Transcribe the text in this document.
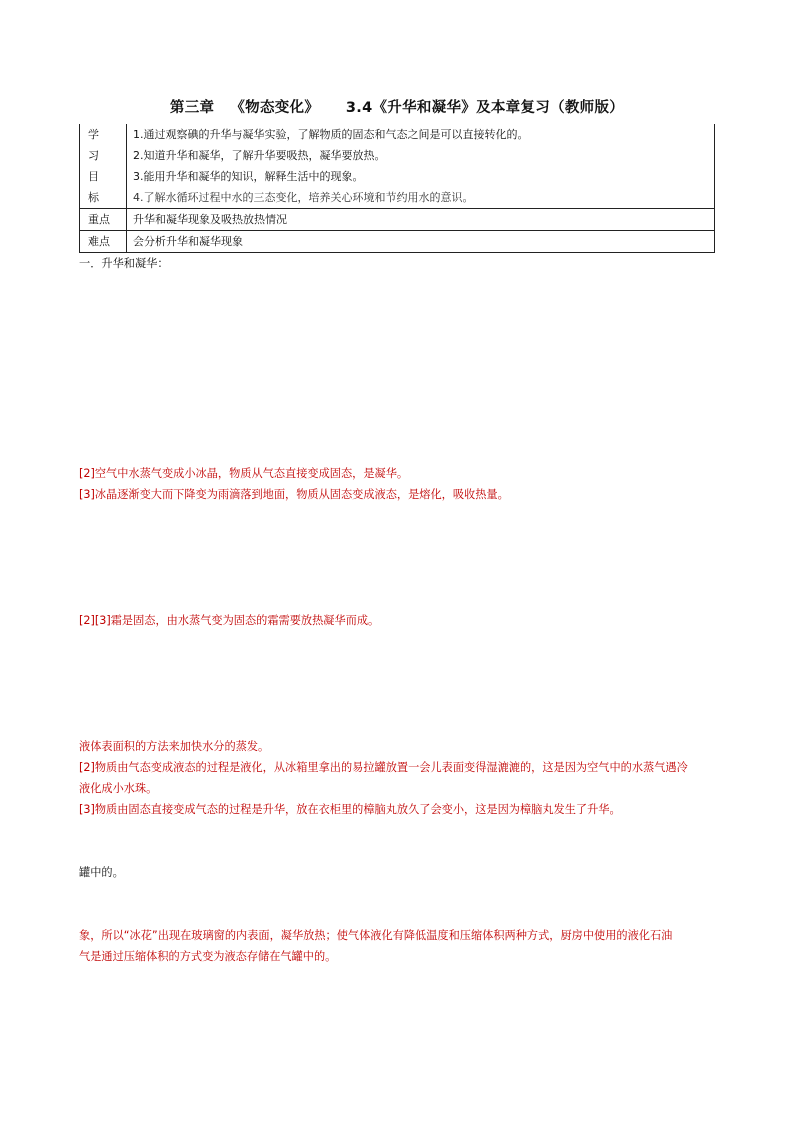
第三章   《物态变化》     3.4《升华和凝华》及本章复习（教师版）
学	1.通过观察碘的升华与凝华实验，了解物质的固态和气态之间是可以直接转化的。
习	2.知道升华和凝华，了解升华要吸热，凝华要放热。
目	3.能用升华和凝华的知识，解释生活中的现象。
标	4.了解水循环过程中水的三态变化，培养关心环境和节约用水的意识。
重点	升华和凝华现象及吸热放热情况
难点	会分析升华和凝华现象
一．升华和凝华：

[2]空气中水蒸气变成小冰晶，物质从气态直接变成固态，是凝华。
[3]冰晶逐渐变大而下降变为雨滴落到地面，物质从固态变成液态，是熔化，吸收热量。

[2][3]霜是固态，由水蒸气变为固态的霜需要放热凝华而成。

液体表面积的方法来加快水分的蒸发。
[2]物质由气态变成液态的过程是液化，从冰箱里拿出的易拉罐放置一会儿表面变得湿漉漉的，这是因为空气中的水蒸气遇冷
液化成小水珠。
[3]物质由固态直接变成气态的过程是升华，放在衣柜里的樟脑丸放久了会变小，这是因为樟脑丸发生了升华。

罐中的。

象，所以“冰花”出现在玻璃窗的内表面，凝华放热；使气体液化有降低温度和压缩体积两种方式，厨房中使用的液化石油
气是通过压缩体积的方式变为液态存储在气罐中的。
